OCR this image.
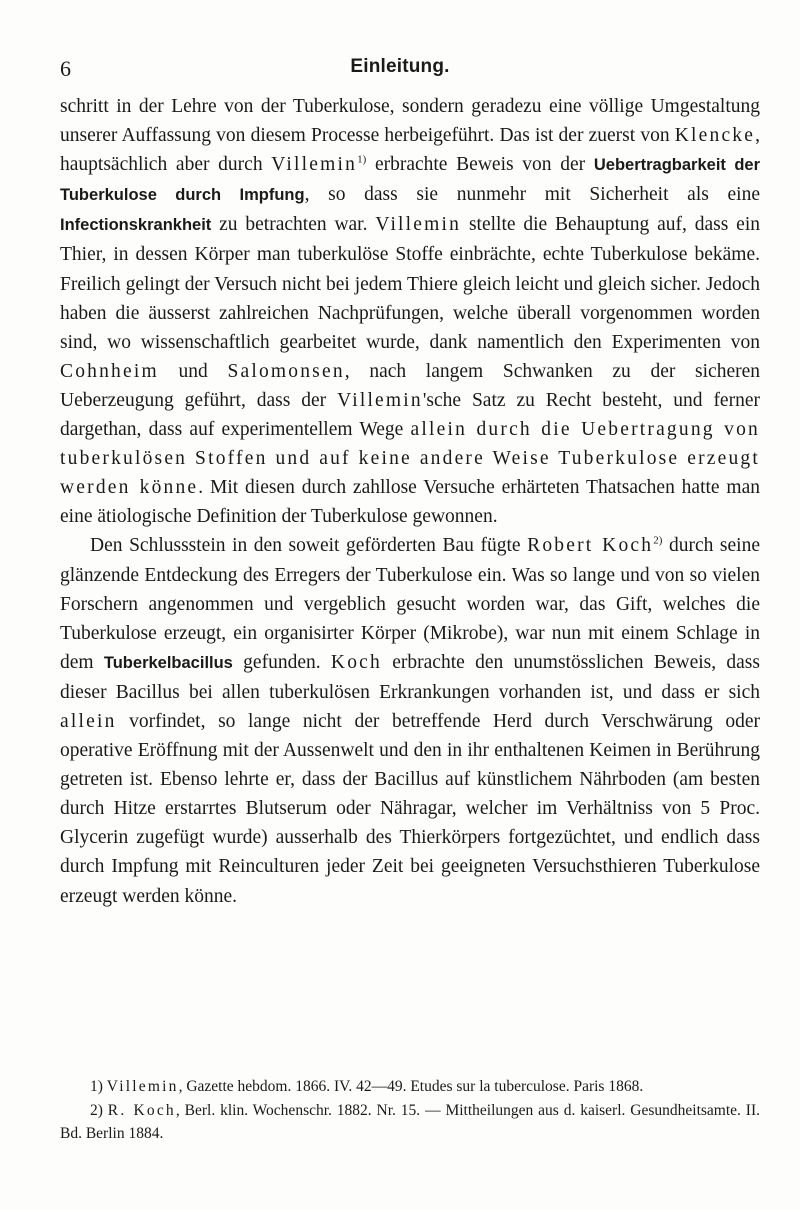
6	Einleitung.

schritt in der Lehre von der Tuberkulose, sondern geradezu eine völlige Umgestaltung unserer Auffassung von diesem Processe herbeigeführt. Das ist der zuerst von Klencke, hauptsächlich aber durch Villemin$^{1)}$ erbrachte Beweis von der Uebertragbarkeit der Tuberkulose durch Impfung, so dass sie nunmehr mit Sicherheit als eine Infectionskrankheit zu betrachten war. Villemin stellte die Behauptung auf, dass ein Thier, in dessen Körper man tuberkulöse Stoffe einbrächte, echte Tuberkulose bekäme. Freilich gelingt der Versuch nicht bei jedem Thiere gleich leicht und gleich sicher. Jedoch haben die äusserst zahlreichen Nachprüfungen, welche überall vorgenommen worden sind, wo wissenschaftlich gearbeitet wurde, dank namentlich den Experimenten von Cohnheim und Salomonsen, nach langem Schwanken zu der sicheren Ueberzeugung geführt, dass der Villemin'sche Satz zu Recht besteht, und ferner dargethan, dass auf experimentellem Wege allein durch die Uebertragung von tuberkulösen Stoffen und auf keine andere Weise Tuberkulose erzeugt werden könne. Mit diesen durch zahllose Versuche erhärteten Thatsachen hatte man eine ätiologische Definition der Tuberkulose gewonnen.

Den Schlussstein in den soweit geförderten Bau fügte Robert Koch$^{2)}$ durch seine glänzende Entdeckung des Erregers der Tuberkulose ein. Was so lange und von so vielen Forschern angenommen und vergeblich gesucht worden war, das Gift, welches die Tuberkulose erzeugt, ein organisirter Körper (Mikrobe), war nun mit einem Schlage in dem Tuberkelbacillus gefunden. Koch erbrachte den unumstösslichen Beweis, dass dieser Bacillus bei allen tuberkulösen Erkrankungen vorhanden ist, und dass er sich allein vorfindet, so lange nicht der betreffende Herd durch Verschwärung oder operative Eröffnung mit der Aussenwelt und den in ihr enthaltenen Keimen in Berührung getreten ist. Ebenso lehrte er, dass der Bacillus auf künstlichem Nährboden (am besten durch Hitze erstarrtes Blutserum oder Nähragar, welcher im Verhältniss von 5 Proc. Glycerin zugefügt wurde) ausserhalb des Thierkörpers fortgezüchtet, und endlich dass durch Impfung mit Reinculturen jeder Zeit bei geeigneten Versuchsthieren Tuberkulose erzeugt werden könne.

1) Villemin, Gazette hebdom. 1866. IV. 42—49. Etudes sur la tuberculose. Paris 1868.

2) R. Koch, Berl. klin. Wochenschr. 1882. Nr. 15. — Mittheilungen aus d. kaiserl. Gesundheitsamte. II. Bd. Berlin 1884.
